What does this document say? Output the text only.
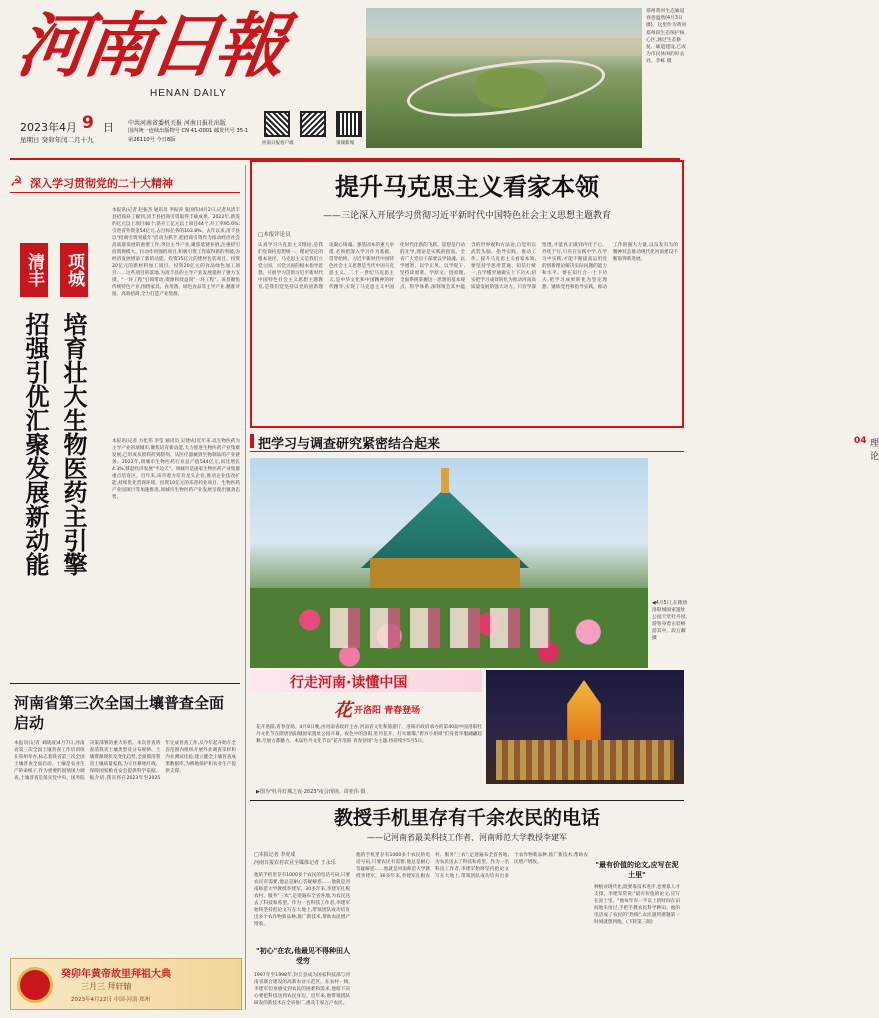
河南日報
HENAN DAILY
2023年4月 9 日
星期日 癸卯年闰二月十九
中共河南省委机关报 河南日报社出版
国内统一连续出版物号 CN 41-0001 邮发代号 35-1
第26110号 今日8版
河南日报客户端	顶端新闻
郑州黄河生态廊道春意盎然(4月3日摄)。这里作为黄河郑州段生态保护核心区,通过生态修复、廊道建设,已成为市民休闲的好去处。李栋 摄
☭ 深入学习贯彻党的二十大精神
清丰 项城
招强引优汇聚发展新动能 培育壮大生物医药主引擎
本报讯(记者 赵振杰 通讯员 李振涛 张国伟)4月2日,记者从清丰县招商局了解到,清丰县招商引资取得丰硕成果。2022年,新签约亿元以上项目46个;新开工亿元以上项目44个,开工率95.6%;引进省外资金54亿元,占目标任务的103.8%。去年以来,清丰县以"招商引资突破年"活动为抓手,把招商引资作为推动经济社会高质量发展的重要工作,突出主导产业,聚焦延链补链,注重招引投资规模大、拉动作用强的项目,积极引资工作取得新的突破,为经济发展增添了新的动能。投资35亿元的建材包装项目、投资20亿元的新材料加工项目、投资20亿元的食品绿色加工项目……这些项目的落地,为清丰县的主导产业发展提供了强力支撑。"一环工程"引领带动,资源和效益同"一环工程"。该县聚焦传统特色产业,围绕家具、食用菌、绿色食品等主导产业,精准对接、高效招商,全力打造产业集群。
本报讯(记者 方化伟 李莹 通讯员 吴建成)近年来,以生物医药为主导产业的项城市,聚焦培育新动能,大力推进生物医药产业集群发展,已形成从原料药到制剂、从医疗器械到生物制品的产业链条。2022年,项城市生物医药行业总产值544亿元,同比增长4.3%,撑起经济发展"半边天"。项城市是国家生物医药产业集群重点培育区。近年来,该市着力培育龙头企业,推动企业技改扩能,持续优化营商环境。投资10亿元的乐普药业项目、生物医药产业园项目等加速推进,项城市生物医药产业发展呈现出强劲态势。
河南省第三次全国土壤普查全面启动
本报讯(记者 刘晓波)4月7日,河南省第三次全国土壤普查工作培训班在郑州举办,标志着我省第三次全国土壤普查全面启动。土壤是农业生产的命根子,作为重要的国情国力调查,土壤普查是落实党中央、国务院决策部署的重大举措。本次普查将查清我省土壤类型及分布规律、土壤资源现状及变化趋势,全面摸清我省土壤质量家底,为守住耕地红线、保障国家粮食安全提供科学依据。据介绍,我省将在2023年至2025年完成普查工作,从今年起开始在全省范围内组织开展外业调查采样和内业测试化验,建立健全土壤普查成果数据库,为耕地保护和农业生产提供支撑。
癸卯年黄帝故里拜祖大典
三月三 拜轩辕
2023年4月22日 中国·河南·郑州
提升马克思主义看家本领
——三论深入开展学习贯彻习近平新时代中国特色社会主义思想主题教育
□本报评论员
认真学习马克思主义理论,是我们党保持思想统一、理论坚定的根本途径。马克思主义是我们立党立国、兴党兴国的根本指导思想。开展学习贯彻习近平新时代中国特色社会主义思想主题教育,是我们党坚持以党的创新理论凝心铸魂、强基固本的重大举措,必须把深入学习作为基础、贯穿始终。习近平新时代中国特色社会主义思想是当代中国马克思主义、二十一世纪马克思主义,是中华文化和中国精神的时代精华,实现了马克思主义中国化时代化新的飞跃。思想是行动的先导,理论是实践的指南。全省广大党员干部要以学铸魂、以学增智、以学正风、以学促干,坚持读原著、学原文、悟原理,全面系统掌握这一思想的基本观点、科学体系,深刻领会其中蕴含的世界观和方法论,自觉用以武装头脑、指导实践、推动工作。提升马克思主义看家本领,要坚持学思用贯通、知信行统一,在学懂弄通做实上下功夫,切实把学习成效转化为推动河南高质量发展的强大动力。只有学深悟透,才能真正做到内化于心、外化于行,只有在实践中学,在学习中实践,才能不断提高运用党的创新理论解决实际问题的能力和水平。要在知行合一上下功夫,把学习成果转化为坚定理想、锤炼党性和指导实践、推动工作的强大力量,以奋发有为的精神状态推动现代化河南建设不断取得新进展。
把学习与调查研究紧密结合起来	04 理论
◀4月5日,在隋唐洛阳城国家遗址公园天堂牡丹园,游客身着古装畅游其中。段万卿 摄
行走河南·读懂中国
花 开洛阳 青春登场
花开洛阳,青春登场。4月8日晚,由河南省政府主办,河南省文化和旅游厅、洛阳市政府承办的第40届中国洛阳牡丹文化节在隋唐洛阳城国家遗址公园开幕。夜色中的洛阳,牡丹花开、灯火璀璨,"唐宫小姐姐"们身着华服翩翩起舞,尽展古都魅力。本届牡丹文化节以"花开洛阳 青春登场"为主题,将持续至5月5日。
▶图为"牡丹灯城之夜·2023"夜会现场。周亚伟 摄
教授手机里存有千余农民的电话
——记河南省最美科技工作者、河南师范大学教授李建军
□本报记者 李虎成
河南日报农村农业全媒体记者 王永乐
他的手机里存有1000多个农民的电话号码,只要农民有需要,他总是耐心答疑解惑……他就是河南师范大学教授李建军。30多年来,李建军扎根农村、服务"三农",足迹遍布全省各地,为农民送去了科技和希望。作为一名科技工作者,李建军始终坚持把论文写在大地上,带领团队成功培育出多个农作物新品种,推广新技术,帮助农民增产增收。
"初心"在农,他最见不得种田人受穷
1997年至1998年,封丘县成为国家科技部与河南省联合建设的高新农业示范区。在农村一线,李建军切身感受到农民的困难和需求,他暗下决心要把科技送到农民身边。近年来,他带领团队研发的新技术在全省推广,惠及千家万户农民。
他的手机里存有1000多个农民的电话号码,只要农民有需要,他总是耐心答疑解惑……他就是河南师范大学教授李建军。30多年来,李建军扎根农村、服务"三农",足迹遍布全省各地,为农民送去了科技和希望。作为一名科技工作者,李建军始终坚持把论文写在大地上,带领团队成功培育出多个农作物新品种,推广新技术,帮助农民增产增收。	"最有价值的论文,应写在泥土里"
种植业现代化,既要靠技术进步,也要靠人才支撑。李建军常说:"最有价值的论文,应写在泥土里。"他每年有一半以上的时间在田间地头度过,手把手教农民科学种田。他的电话成了农民的"热线",农民遇到难题第一时间就想到他。(下转第三版)
